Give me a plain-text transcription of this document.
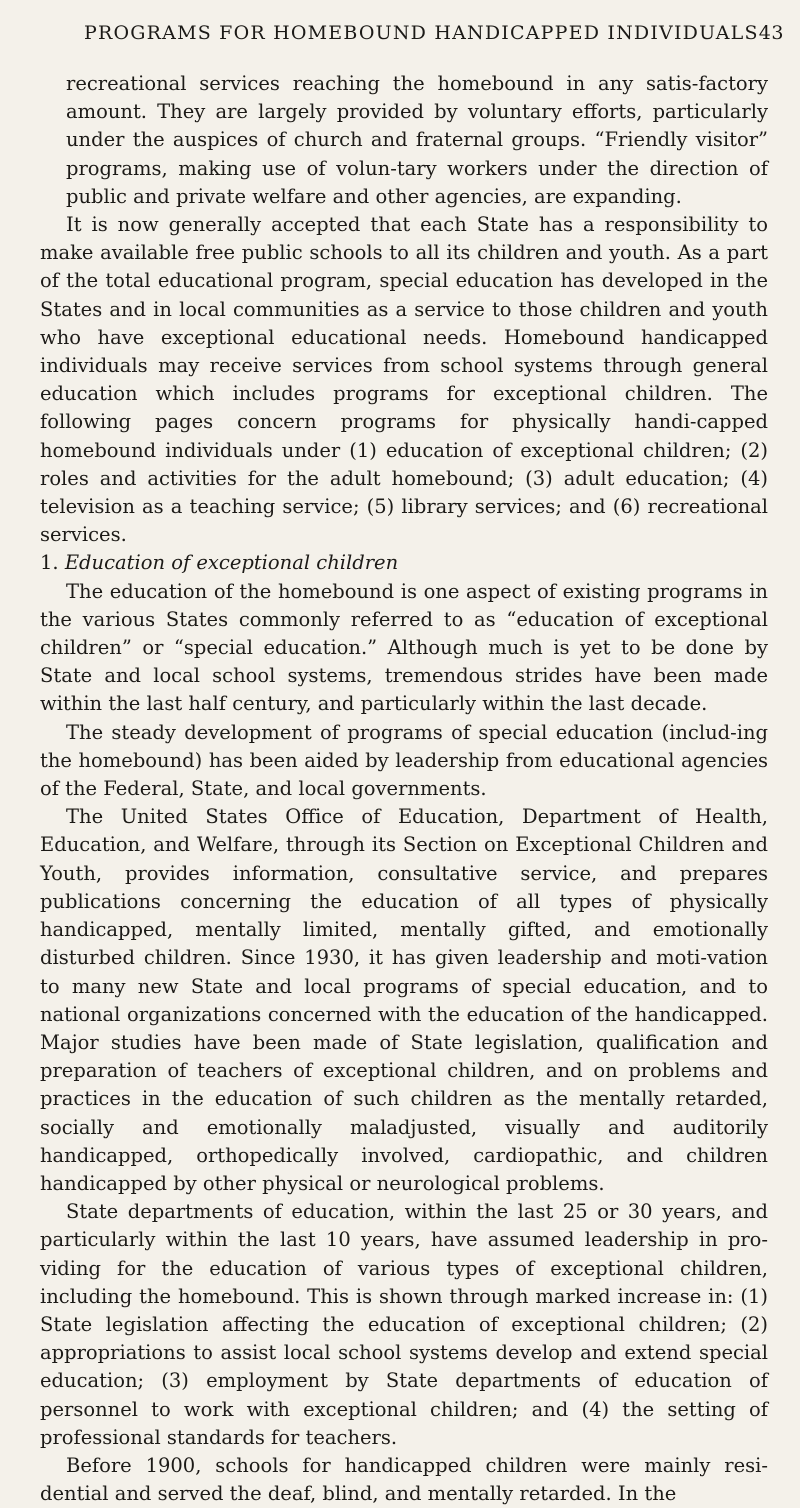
PROGRAMS FOR HOMEBOUND HANDICAPPED INDIVIDUALS 43

recreational services reaching the homebound in any satis-factory amount. They are largely provided by voluntary efforts, particularly under the auspices of church and fraternal groups. “Friendly visitor” programs, making use of volun-tary workers under the direction of public and private welfare and other agencies, are expanding.

It is now generally accepted that each State has a responsibility to make available free public schools to all its children and youth. As a part of the total educational program, special education has developed in the States and in local communities as a service to those children and youth who have exceptional educational needs. Homebound handicapped individuals may receive services from school systems through general education which includes programs for exceptional children. The following pages concern programs for physically handi-capped homebound individuals under (1) education of exceptional children; (2) roles and activities for the adult homebound; (3) adult education; (4) television as a teaching service; (5) library services; and (6) recreational services.

1. Education of exceptional children

The education of the homebound is one aspect of existing programs in the various States commonly referred to as “education of exceptional children” or “special education.” Although much is yet to be done by State and local school systems, tremendous strides have been made within the last half century, and particularly within the last decade.

The steady development of programs of special education (includ-ing the homebound) has been aided by leadership from educational agencies of the Federal, State, and local governments.

The United States Office of Education, Department of Health, Education, and Welfare, through its Section on Exceptional Children and Youth, provides information, consultative service, and prepares publications concerning the education of all types of physically handicapped, mentally limited, mentally gifted, and emotionally disturbed children. Since 1930, it has given leadership and moti-vation to many new State and local programs of special education, and to national organizations concerned with the education of the handicapped. Major studies have been made of State legislation, qualification and preparation of teachers of exceptional children, and on problems and practices in the education of such children as the mentally retarded, socially and emotionally maladjusted, visually and auditorily handicapped, orthopedically involved, cardiopathic, and children handicapped by other physical or neurological problems.

State departments of education, within the last 25 or 30 years, and particularly within the last 10 years, have assumed leadership in pro-viding for the education of various types of exceptional children, including the homebound. This is shown through marked increase in: (1) State legislation affecting the education of exceptional children; (2) appropriations to assist local school systems develop and extend special education; (3) employment by State departments of education of personnel to work with exceptional children; and (4) the setting of professional standards for teachers.

Before 1900, schools for handicapped children were mainly resi-dential and served the deaf, blind, and mentally retarded. In the
